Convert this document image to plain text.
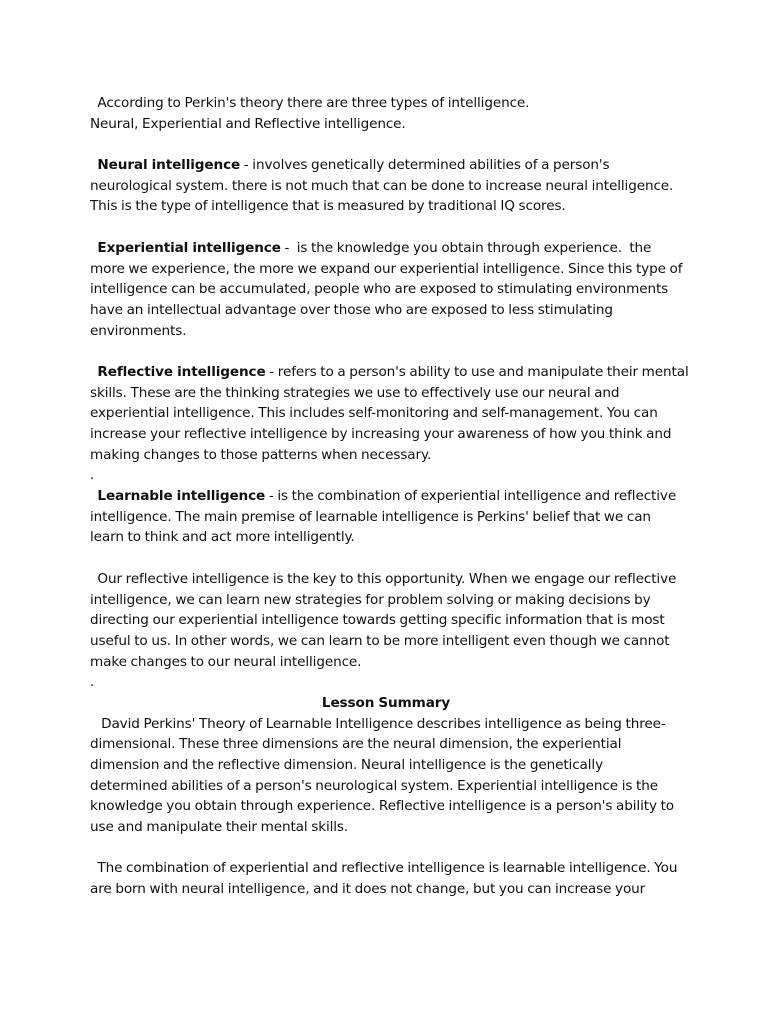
According to Perkin's theory there are three types of intelligence.
Neural, Experiential and Reflective intelligence.
Neural intelligence - involves genetically determined abilities of a person's
neurological system. there is not much that can be done to increase neural intelligence.
This is the type of intelligence that is measured by traditional IQ scores.
Experiential intelligence -  is the knowledge you obtain through experience.  the
more we experience, the more we expand our experiential intelligence. Since this type of
intelligence can be accumulated, people who are exposed to stimulating environments
have an intellectual advantage over those who are exposed to less stimulating
environments.
Reflective intelligence - refers to a person's ability to use and manipulate their mental
skills. These are the thinking strategies we use to effectively use our neural and
experiential intelligence. This includes self-monitoring and self-management. You can
increase your reflective intelligence by increasing your awareness of how you think and
making changes to those patterns when necessary.
.
Learnable intelligence - is the combination of experiential intelligence and reflective
intelligence. The main premise of learnable intelligence is Perkins' belief that we can
learn to think and act more intelligently.
Our reflective intelligence is the key to this opportunity. When we engage our reflective
intelligence, we can learn new strategies for problem solving or making decisions by
directing our experiential intelligence towards getting specific information that is most
useful to us. In other words, we can learn to be more intelligent even though we cannot
make changes to our neural intelligence.
.
Lesson Summary
David Perkins' Theory of Learnable Intelligence describes intelligence as being three-
dimensional. These three dimensions are the neural dimension, the experiential
dimension and the reflective dimension. Neural intelligence is the genetically
determined abilities of a person's neurological system. Experiential intelligence is the
knowledge you obtain through experience. Reflective intelligence is a person's ability to
use and manipulate their mental skills.
The combination of experiential and reflective intelligence is learnable intelligence. You
are born with neural intelligence, and it does not change, but you can increase your
